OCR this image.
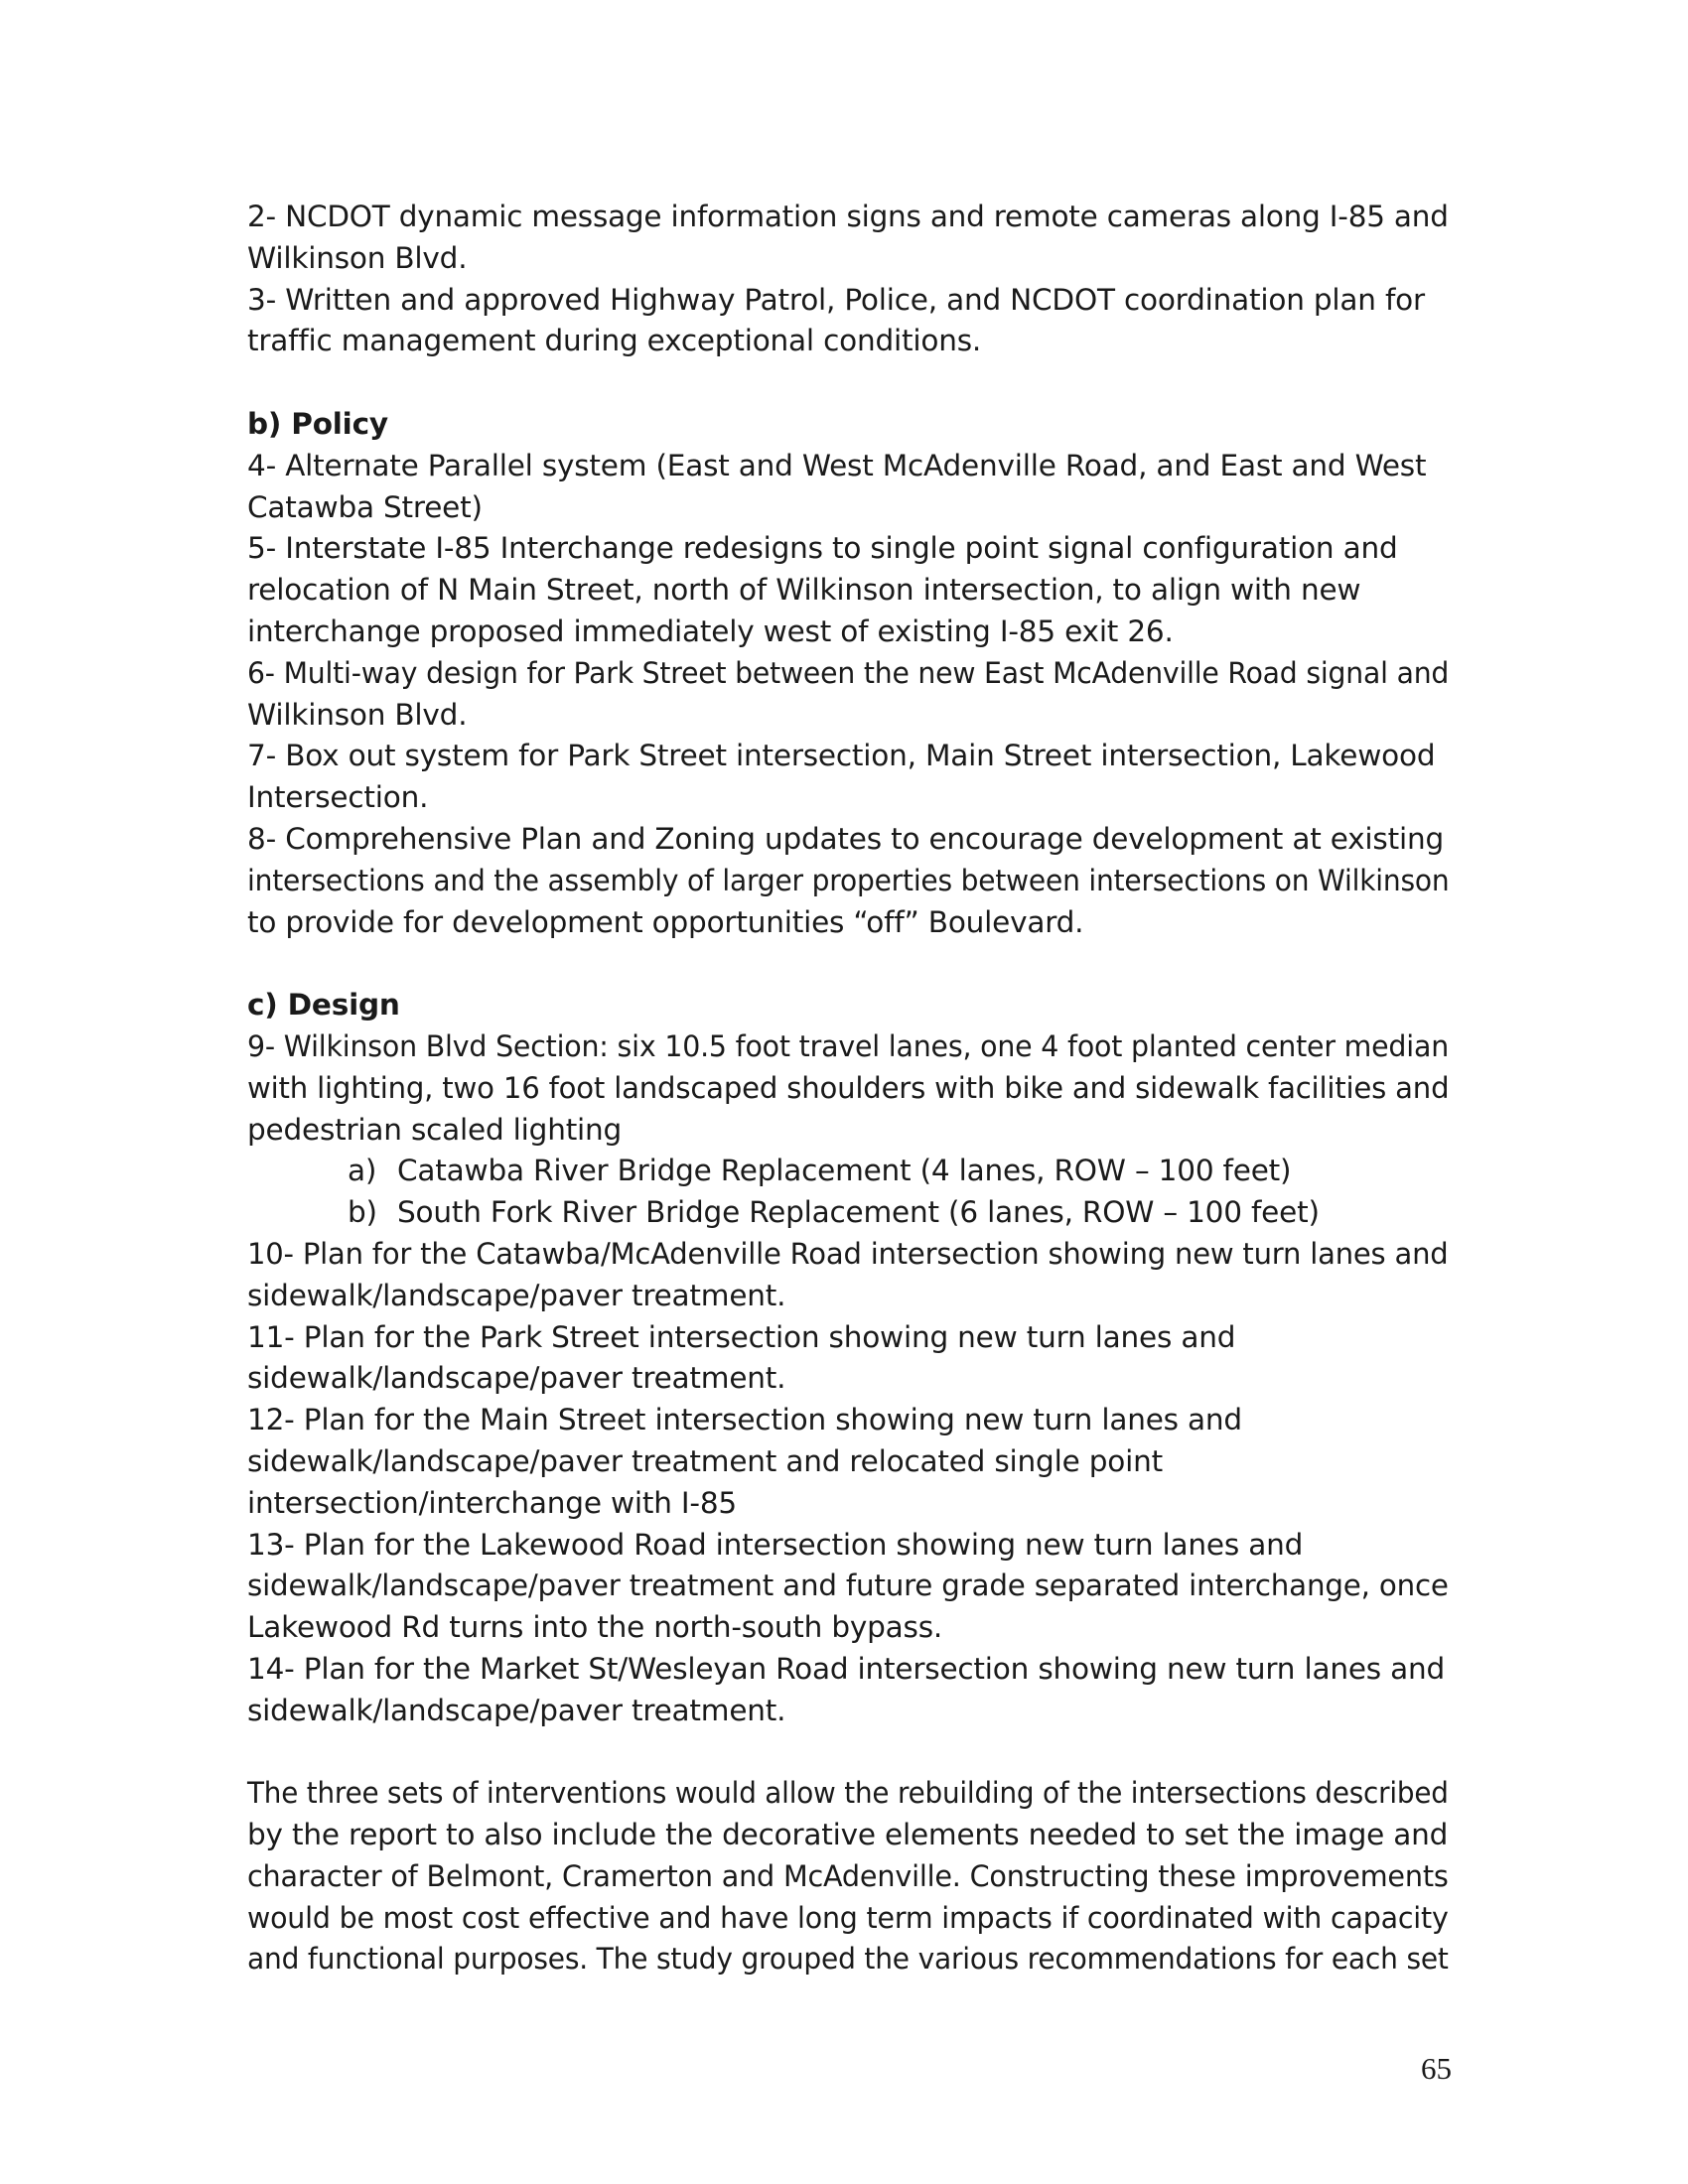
2- NCDOT dynamic message information signs and remote cameras along I-85 and
Wilkinson Blvd.
3- Written and approved Highway Patrol, Police, and NCDOT coordination plan for
traffic management during exceptional conditions.
b) Policy
4- Alternate Parallel system (East and West McAdenville Road, and East and West
Catawba Street)
5- Interstate I-85 Interchange redesigns to single point signal configuration and
relocation of N Main Street, north of Wilkinson intersection, to align with new
interchange proposed immediately west of existing I-85 exit 26.
6- Multi-way design for Park Street between the new East McAdenville Road signal and
Wilkinson Blvd.
7- Box out system for Park Street intersection, Main Street intersection, Lakewood
Intersection.
8- Comprehensive Plan and Zoning updates to encourage development at existing
intersections and the assembly of larger properties between intersections on Wilkinson
to provide for development opportunities “off” Boulevard.
c) Design
9- Wilkinson Blvd Section: six 10.5 foot travel lanes, one 4 foot planted center median
with lighting, two 16 foot landscaped shoulders with bike and sidewalk facilities and
pedestrian scaled lighting
a) Catawba River Bridge Replacement (4 lanes, ROW – 100 feet)
b) South Fork River Bridge Replacement (6 lanes, ROW – 100 feet)
10- Plan for the Catawba/McAdenville Road intersection showing new turn lanes and
sidewalk/landscape/paver treatment.
11- Plan for the Park Street intersection showing new turn lanes and
sidewalk/landscape/paver treatment.
12- Plan for the Main Street intersection showing new turn lanes and
sidewalk/landscape/paver treatment and relocated single point
intersection/interchange with I-85
13- Plan for the Lakewood Road intersection showing new turn lanes and
sidewalk/landscape/paver treatment and future grade separated interchange, once
Lakewood Rd turns into the north-south bypass.
14- Plan for the Market St/Wesleyan Road intersection showing new turn lanes and
sidewalk/landscape/paver treatment.
The three sets of interventions would allow the rebuilding of the intersections described
by the report to also include the decorative elements needed to set the image and
character of Belmont, Cramerton and McAdenville. Constructing these improvements
would be most cost effective and have long term impacts if coordinated with capacity
and functional purposes. The study grouped the various recommendations for each set
65
